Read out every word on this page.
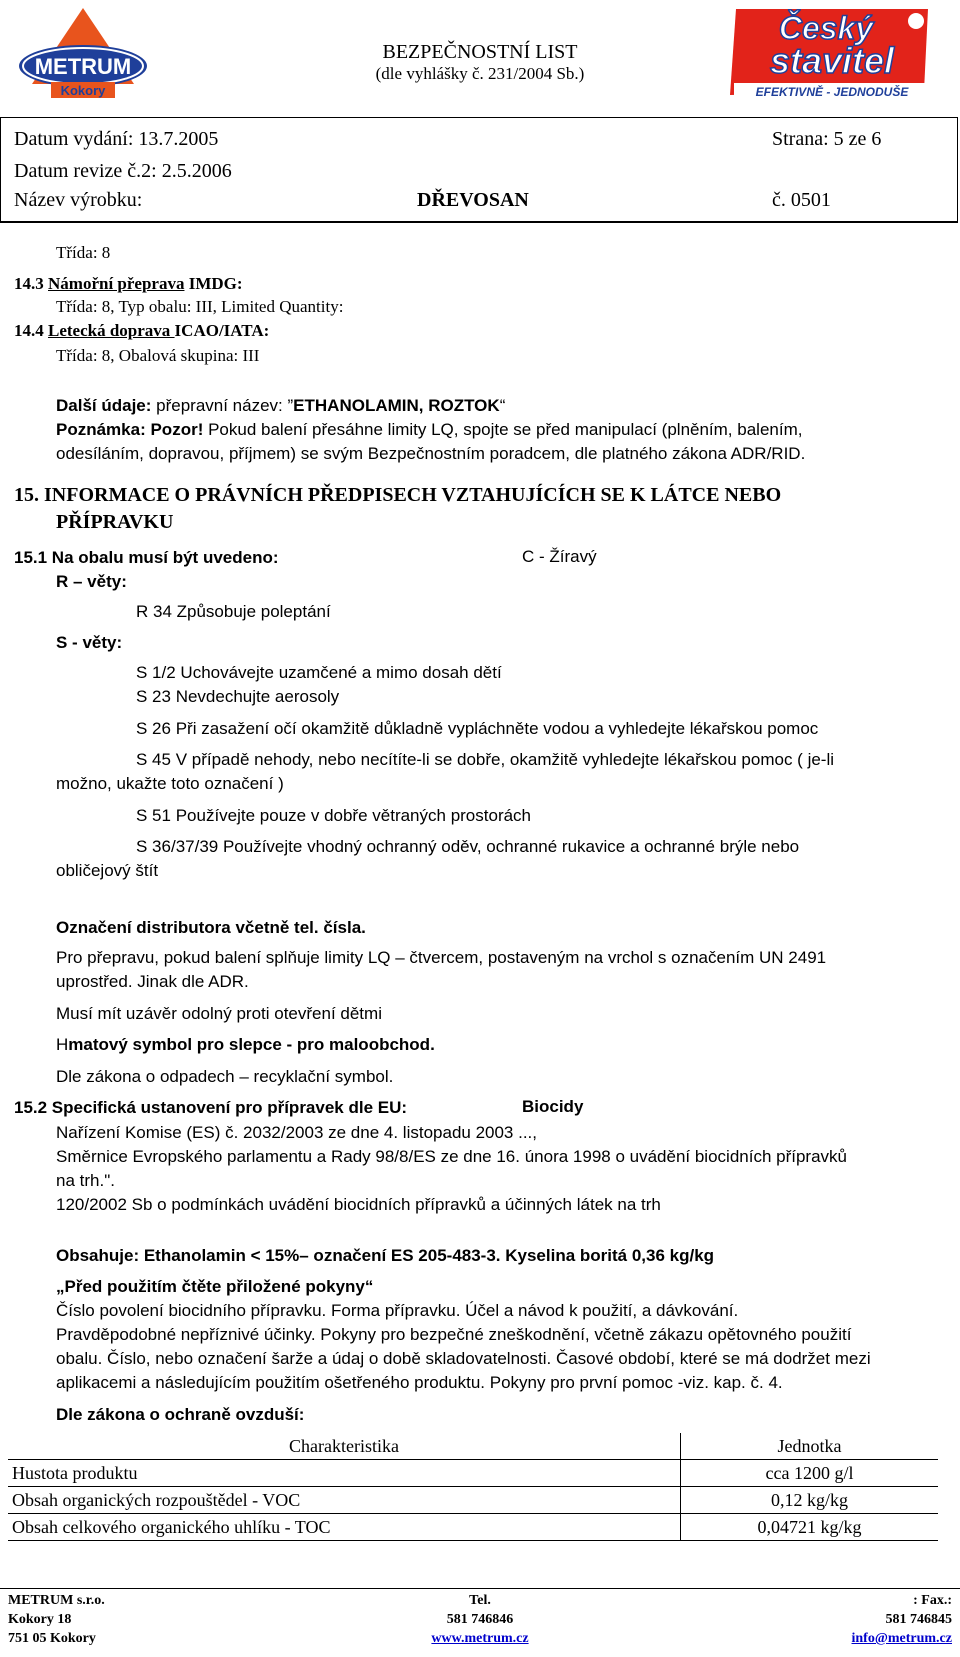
METRUM
Kokory
BEZPEČNOSTNÍ LIST
(dle vyhlášky č. 231/2004 Sb.)
Český
stavitel
EFEKTIVNĚ - JEDNODUŠE
Datum vydání: 13.7.2005	Strana: 5 ze 6
Datum revize č.2: 2.5.2006
Název výrobku:	DŘEVOSAN	č. 0501
Třída: 8
14.3 Námořní přeprava IMDG:
Třída: 8, Typ obalu: III, Limited Quantity:
14.4 Letecká doprava ICAO/IATA:
Třída: 8, Obalová skupina: III
Další údaje: přepravní název: ”ETHANOLAMIN, ROZTOK“
Poznámka: Pozor! Pokud balení přesáhne limity LQ, spojte se před manipulací (plněním, balením,
odesíláním, dopravou, příjmem) se svým Bezpečnostním poradcem, dle platného zákona ADR/RID.
15. INFORMACE O PRÁVNÍCH PŘEDPISECH VZTAHUJÍCÍCH SE K LÁTCE NEBO
PŘÍPRAVKU
15.1 Na obalu musí být uvedeno:	C - Žíravý
R – věty:
R 34 Způsobuje poleptání
S - věty:
S 1/2 Uchovávejte uzamčené a mimo dosah dětí
S 23 Nevdechujte aerosoly
S 26 Při zasažení očí okamžitě důkladně vypláchněte vodou a vyhledejte lékařskou pomoc
S 45 V případě nehody, nebo necítíte-li se dobře, okamžitě vyhledejte lékařskou pomoc ( je-li
možno, ukažte toto označení )
S 51 Používejte pouze v dobře větraných prostorách
S 36/37/39 Používejte vhodný ochranný oděv, ochranné rukavice a ochranné brýle nebo
obličejový štít
Označení distributora včetně tel. čísla.
Pro přepravu, pokud balení splňuje limity LQ – čtvercem, postaveným na vrchol s označením UN 2491
uprostřed. Jinak dle ADR.
Musí mít uzávěr odolný proti otevření dětmi
Hmatový symbol pro slepce - pro maloobchod.
Dle zákona o odpadech – recyklační symbol.
15.2 Specifická ustanovení pro přípravek dle EU:	Biocidy
Nařízení Komise (ES) č. 2032/2003 ze dne 4. listopadu 2003 ...,
Směrnice Evropského parlamentu a Rady 98/8/ES ze dne 16. února 1998 o uvádění biocidních přípravků
na trh.".
120/2002 Sb o podmínkách uvádění biocidních přípravků a účinných látek na trh
Obsahuje: Ethanolamin < 15%– označení ES 205-483-3. Kyselina boritá 0,36 kg/kg
„Před použitím čtěte přiložené pokyny“
Číslo povolení biocidního přípravku. Forma přípravku. Účel a návod k použití, a dávkování.
Pravděpodobné nepříznivé účinky. Pokyny pro bezpečné zneškodnění, včetně zákazu opětovného použití
obalu. Číslo, nebo označení šarže a údaj o době skladovatelnosti. Časové období, které se má dodržet mezi
aplikacemi a následujícím použitím ošetřeného produktu. Pokyny pro první pomoc -viz. kap. č. 4.
Dle zákona o ochraně ovzduší:
Charakteristika	Jednotka
Hustota produktu	cca 1200 g/l
Obsah organických rozpouštědel - VOC	0,12 kg/kg
Obsah celkového organického uhlíku - TOC	0,04721 kg/kg
METRUM s.r.o.
Kokory 18
751 05 Kokory
Tel.
581 746846
www.metrum.cz
: Fax.:
581 746845
info@metrum.cz
